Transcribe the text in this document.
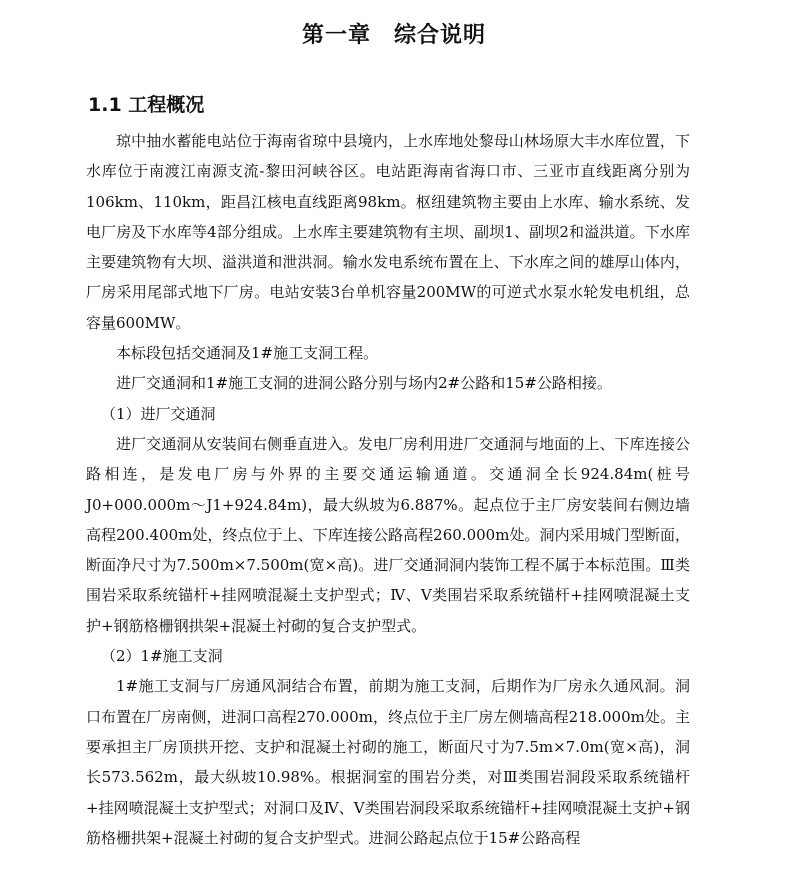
第一章　综合说明
1.1 工程概况

琼中抽水蓄能电站位于海南省琼中县境内，上水库地处黎母山林场原大丰水库位置，下水库位于南渡江南源支流-黎田河峡谷区。电站距海南省海口市、三亚市直线距离分别为106km、110km，距昌江核电直线距离98km。枢纽建筑物主要由上水库、输水系统、发电厂房及下水库等4部分组成。上水库主要建筑物有主坝、副坝1、副坝2和溢洪道。下水库主要建筑物有大坝、溢洪道和泄洪洞。输水发电系统布置在上、下水库之间的雄厚山体内，厂房采用尾部式地下厂房。电站安装3台单机容量200MW的可逆式水泵水轮发电机组，总容量600MW。

本标段包括交通洞及1#施工支洞工程。

进厂交通洞和1#施工支洞的进洞公路分别与场内2#公路和15#公路相接。

（1）进厂交通洞

进厂交通洞从安装间右侧垂直进入。发电厂房利用进厂交通洞与地面的上、下库连接公路相连，是发电厂房与外界的主要交通运输通道。交通洞全长924.84m(桩号J0+000.000m～J1+924.84m)，最大纵坡为6.887%。起点位于主厂房安装间右侧边墙高程200.400m处，终点位于上、下库连接公路高程260.000m处。洞内采用城门型断面，断面净尺寸为7.500m×7.500m(宽×高)。进厂交通洞洞内装饰工程不属于本标范围。Ⅲ类围岩采取系统锚杆+挂网喷混凝土支护型式；Ⅳ、Ⅴ类围岩采取系统锚杆+挂网喷混凝土支护+钢筋格栅钢拱架+混凝土衬砌的复合支护型式。

（2）1#施工支洞

1#施工支洞与厂房通风洞结合布置，前期为施工支洞，后期作为厂房永久通风洞。洞口布置在厂房南侧，进洞口高程270.000m，终点位于主厂房左侧墙高程218.000m处。主要承担主厂房顶拱开挖、支护和混凝土衬砌的施工，断面尺寸为7.5m×7.0m(宽×高)，洞长573.562m，最大纵坡10.98%。根据洞室的围岩分类，对Ⅲ类围岩洞段采取系统锚杆+挂网喷混凝土支护型式；对洞口及Ⅳ、Ⅴ类围岩洞段采取系统锚杆+挂网喷混凝土支护+钢筋格栅拱架+混凝土衬砌的复合支护型式。进洞公路起点位于15#公路高程
